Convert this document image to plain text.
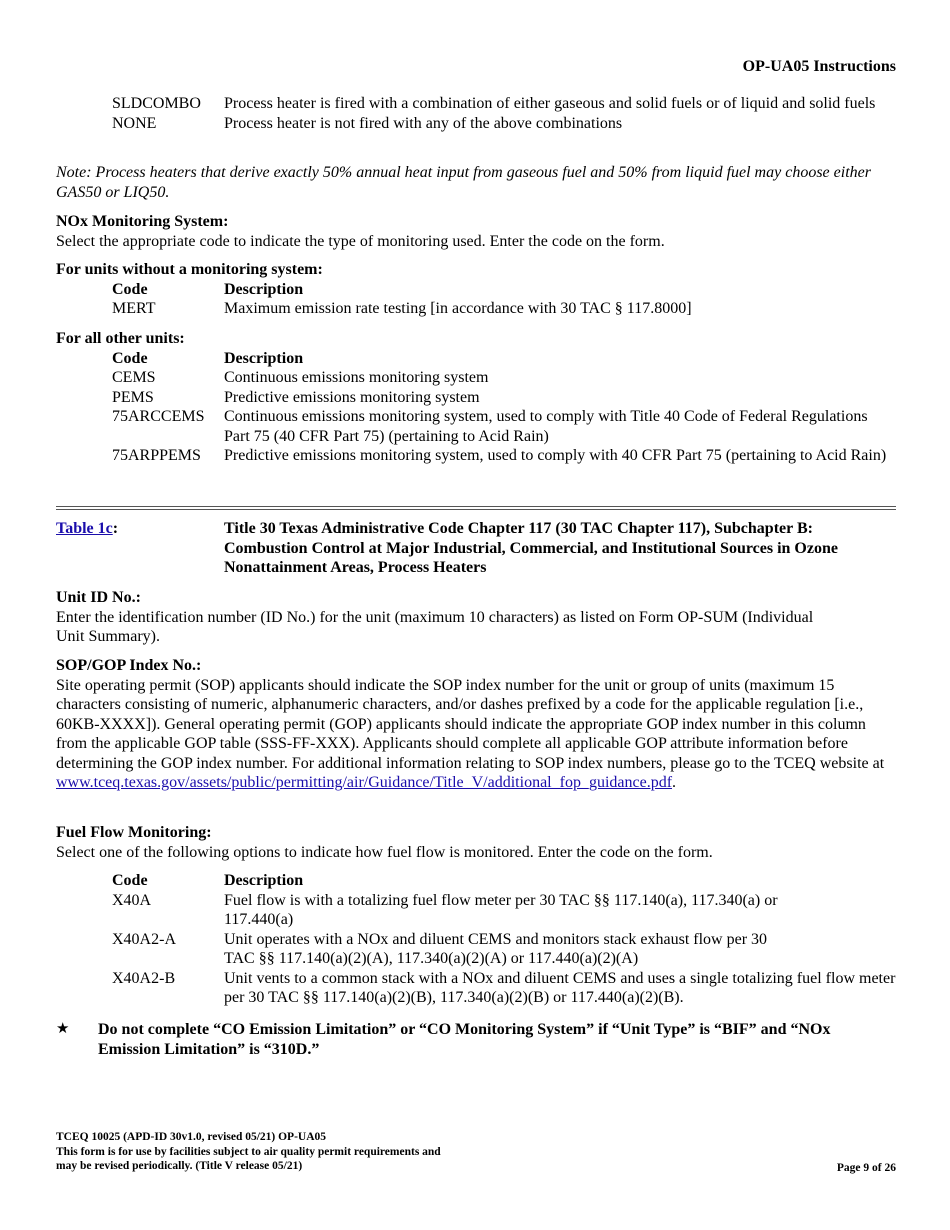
OP-UA05 Instructions
SLDCOMBO	Process heater is fired with a combination of either gaseous and solid fuels or of liquid and solid fuels
NONE	Process heater is not fired with any of the above combinations
Note: Process heaters that derive exactly 50% annual heat input from gaseous fuel and 50% from liquid fuel may choose either GAS50 or LIQ50.
NOx Monitoring System:
Select the appropriate code to indicate the type of monitoring used. Enter the code on the form.
For units without a monitoring system:
Code	Description
MERT	Maximum emission rate testing [in accordance with 30 TAC § 117.8000]
For all other units:
Code	Description
CEMS	Continuous emissions monitoring system
PEMS	Predictive emissions monitoring system
75ARCCEMS	Continuous emissions monitoring system, used to comply with Title 40 Code of Federal Regulations Part 75 (40 CFR Part 75) (pertaining to Acid Rain)
75ARPPEMS	Predictive emissions monitoring system, used to comply with 40 CFR Part 75 (pertaining to Acid Rain)
Table 1c:	Title 30 Texas Administrative Code Chapter 117 (30 TAC Chapter 117), Subchapter B: Combustion Control at Major Industrial, Commercial, and Institutional Sources in Ozone Nonattainment Areas, Process Heaters
Unit ID No.:
Enter the identification number (ID No.) for the unit (maximum 10 characters) as listed on Form OP-SUM (Individual Unit Summary).
SOP/GOP Index No.:
Site operating permit (SOP) applicants should indicate the SOP index number for the unit or group of units (maximum 15 characters consisting of numeric, alphanumeric characters, and/or dashes prefixed by a code for the applicable regulation [i.e., 60KB-XXXX]). General operating permit (GOP) applicants should indicate the appropriate GOP index number in this column from the applicable GOP table (SSS-FF-XXX). Applicants should complete all applicable GOP attribute information before determining the GOP index number. For additional information relating to SOP index numbers, please go to the TCEQ website at www.tceq.texas.gov/assets/public/permitting/air/Guidance/Title_V/additional_fop_guidance.pdf.
Fuel Flow Monitoring:
Select one of the following options to indicate how fuel flow is monitored. Enter the code on the form.
Code	Description
X40A	Fuel flow is with a totalizing fuel flow meter per 30 TAC §§ 117.140(a), 117.340(a) or 117.440(a)
X40A2-A	Unit operates with a NOx and diluent CEMS and monitors stack exhaust flow per 30 TAC §§ 117.140(a)(2)(A), 117.340(a)(2)(A) or 117.440(a)(2)(A)
X40A2-B	Unit vents to a common stack with a NOx and diluent CEMS and uses a single totalizing fuel flow meter per 30 TAC §§ 117.140(a)(2)(B), 117.340(a)(2)(B) or 117.440(a)(2)(B).
★	Do not complete “CO Emission Limitation” or “CO Monitoring System” if “Unit Type” is “BIF” and “NOx Emission Limitation” is “310D.”
TCEQ 10025 (APD-ID 30v1.0, revised 05/21) OP-UA05
This form is for use by facilities subject to air quality permit requirements and
may be revised periodically. (Title V release 05/21)	Page 9 of 26
